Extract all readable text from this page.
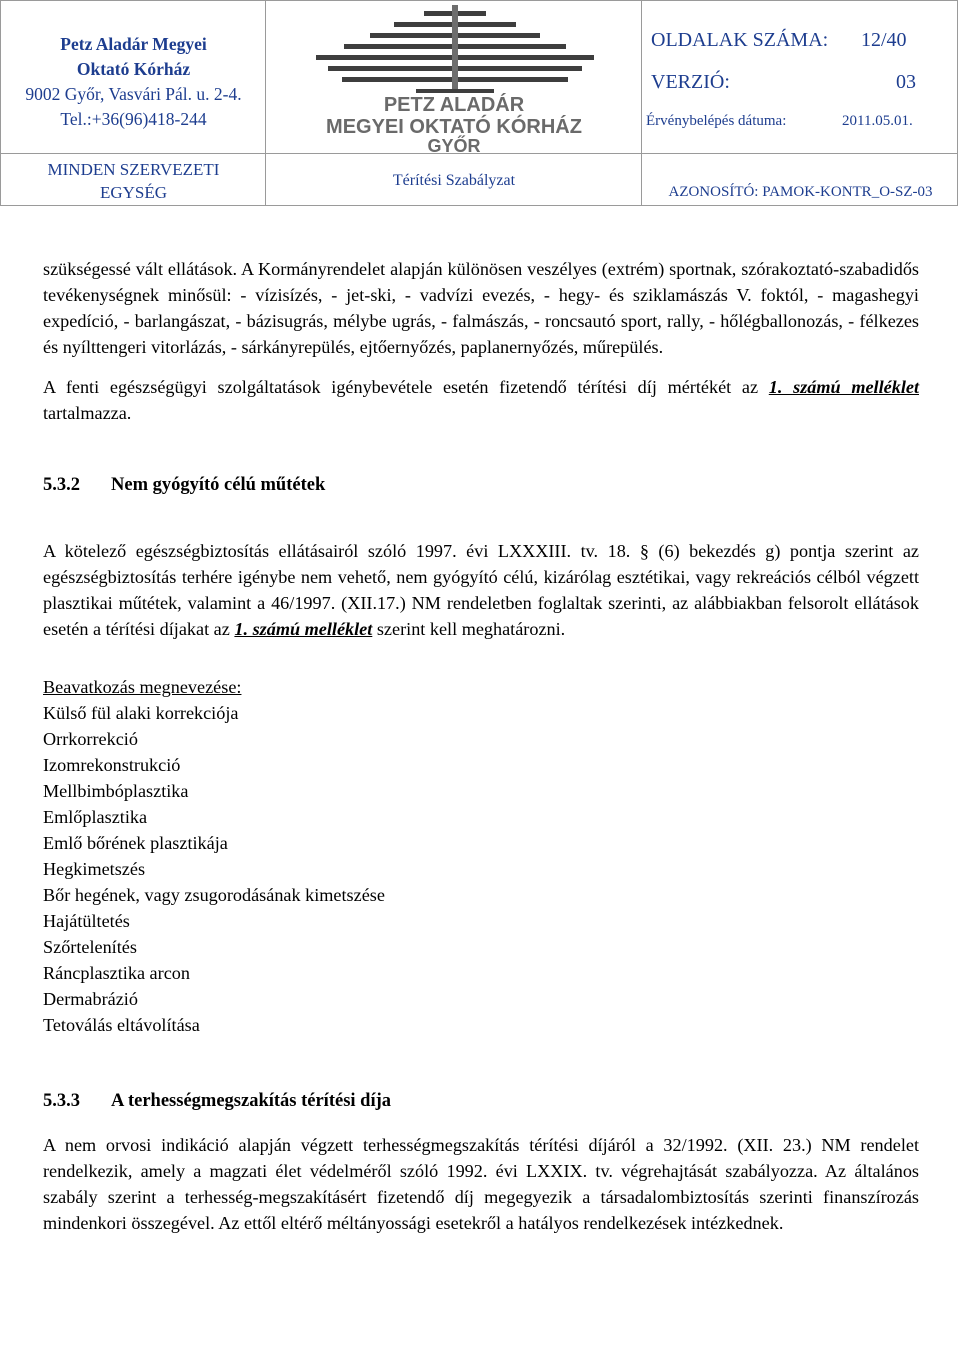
Petz Aladár Megyei
Oktató Kórház
9002 Győr, Vasvári Pál. u. 2-4.
Tel.:+36(96)418-244
PETZ ALADÁR
MEGYEI OKTATÓ KÓRHÁZ
GYŐR
OLDALAK SZÁMA: 12/40
VERZIÓ:	03
Érvénybelépés dátuma:	2011.05.01.
MINDEN SZERVEZETI
EGYSÉG
Térítési Szabályzat
AZONOSÍTÓ: PAMOK-KONTR_O-SZ-03

szükségessé vált ellátások. A Kormányrendelet alapján különösen veszélyes (extrém) sportnak, szórakoztató-szabadidős tevékenységnek minősül: - vízisízés, - jet-ski, - vadvízi evezés, - hegy- és sziklamászás V. foktól, - magashegyi expedíció, - barlangászat, - bázisugrás, mélybe ugrás, - falmászás, - roncsautó sport, rally, - hőlégballonozás, - félkezes és nyílttengeri vitorlázás, - sárkányrepülés, ejtőernyőzés, paplanernyőzés, műrepülés.

A fenti egészségügyi szolgáltatások igénybevétele esetén fizetendő térítési díj mértékét az 1. számú melléklet tartalmazza.

5.3.2 Nem gyógyító célú műtétek

A kötelező egészségbiztosítás ellátásairól szóló 1997. évi LXXXIII. tv. 18. § (6) bekezdés g) pontja szerint az egészségbiztosítás terhére igénybe nem vehető, nem gyógyító célú, kizárólag esztétikai, vagy rekreációs célból végzett plasztikai műtétek, valamint a 46/1997. (XII.17.) NM rendeletben foglaltak szerinti, az alábbiakban felsorolt ellátások esetén a térítési díjakat az 1. számú melléklet szerint kell meghatározni.

Beavatkozás megnevezése:
Külső fül alaki korrekciója
Orrkorrekció
Izomrekonstrukció
Mellbimbóplasztika
Emlőplasztika
Emlő bőrének plasztikája
Hegkimetszés
Bőr hegének, vagy zsugorodásának kimetszése
Hajátültetés
Szőrtelenítés
Ráncplasztika arcon
Dermabrázió
Tetoválás eltávolítása

5.3.3 A terhességmegszakítás térítési díja

A nem orvosi indikáció alapján végzett terhességmegszakítás térítési díjáról a 32/1992. (XII. 23.) NM rendelet rendelkezik, amely a magzati élet védelméről szóló 1992. évi LXXIX. tv. végrehajtását szabályozza. Az általános szabály szerint a terhesség-megszakításért fizetendő díj megegyezik a társadalombiztosítás szerinti finanszírozás mindenkori összegével. Az ettől eltérő méltányossági esetekről a hatályos rendelkezések intézkednek.
